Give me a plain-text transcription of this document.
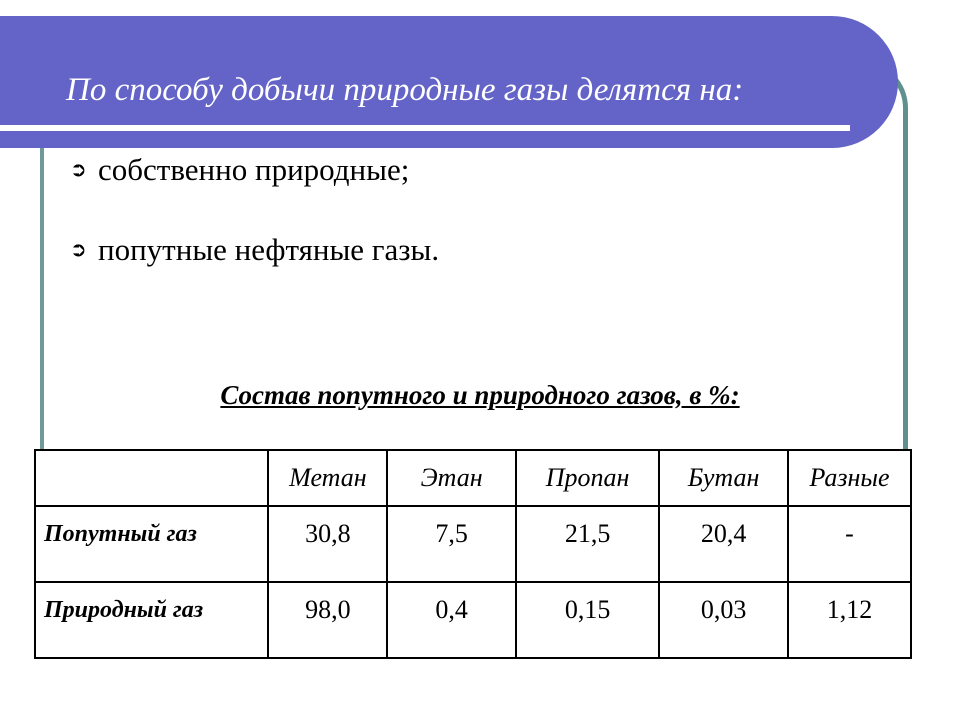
По способу добычи природные газы делятся на:
➲ собственно природные;
➲ попутные нефтяные газы.
Состав попутного и природного газов, в %:
	Метан	Этан	Пропан	Бутан	Разные
Попутный газ	30,8	7,5	21,5	20,4	-
Природный газ	98,0	0,4	0,15	0,03	1,12
